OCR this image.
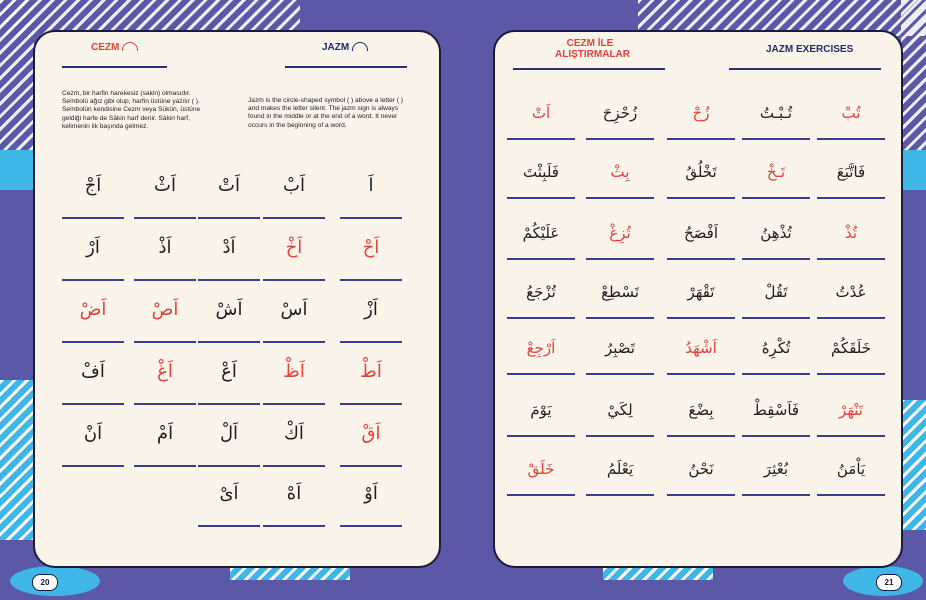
CEZM	JAZM
Cezm, bir harfin harekesiz (sakin) olmasıdır. Sembolü ağız gibi olup, harfin üstüne yazılır ( ). Sembolün kendisine Cezm veya Sükûn, üstüne geldiği harfe de Sâkin harf denir. Sâkin harf, kelimenin ilk başında gelmez.
Jazm is the circle-shaped symbol ( ) above a letter ( ) and makes the letter silent. The jazm sign is always found in the middle or at the end of a word. It never occurs in the beginning of a word.
اَ
اَبْ
اَتْ
اَثْ
اَجْ
اَحْ
اَخْ
اَدْ
اَذْ
اَرْ
اَزْ
اَسْ
اَشْ
اَصْ
اَضْ
اَطْ
اَظْ
اَعْ
اَغْ
اَفْ
اَقْ
اَكْ
اَلْ
اَمْ
اَنْ
اَوْ
اَهْ
اَىْ
20
CEZM İLE
ALIŞTIRMALAR	JAZM EXERCISES
تُبْ
تُـبْـتُ
زُحْ
زُحْزِحَ
اَتْ
فَاتَّبَعَ
تَـخْ
تَخْلُقُ
بِثْ
فَلَبِثْتَ
تُذْ
تُذْهِنُ
اَفْصَحُ
تُزِغْ
عَلَيْكُمْ
عُدْتُ
تَقُلْ
تَقْهَرْ
تَسْطِعْ
تُزْجَعُ
خَلَقَكُمْ
تُكْرِهُ
اَشْهَدُ
تَصْبِرُ
اَرْجِعْ
تَنْهَرْ
فَاَسْقِطْ
بِضْعَ
لِكَيْ
يَوْمَ
يَاْمَنُ
بُعْثِرَ
نَحْنُ
يَعْلَمُ
خَلَقْ
21
